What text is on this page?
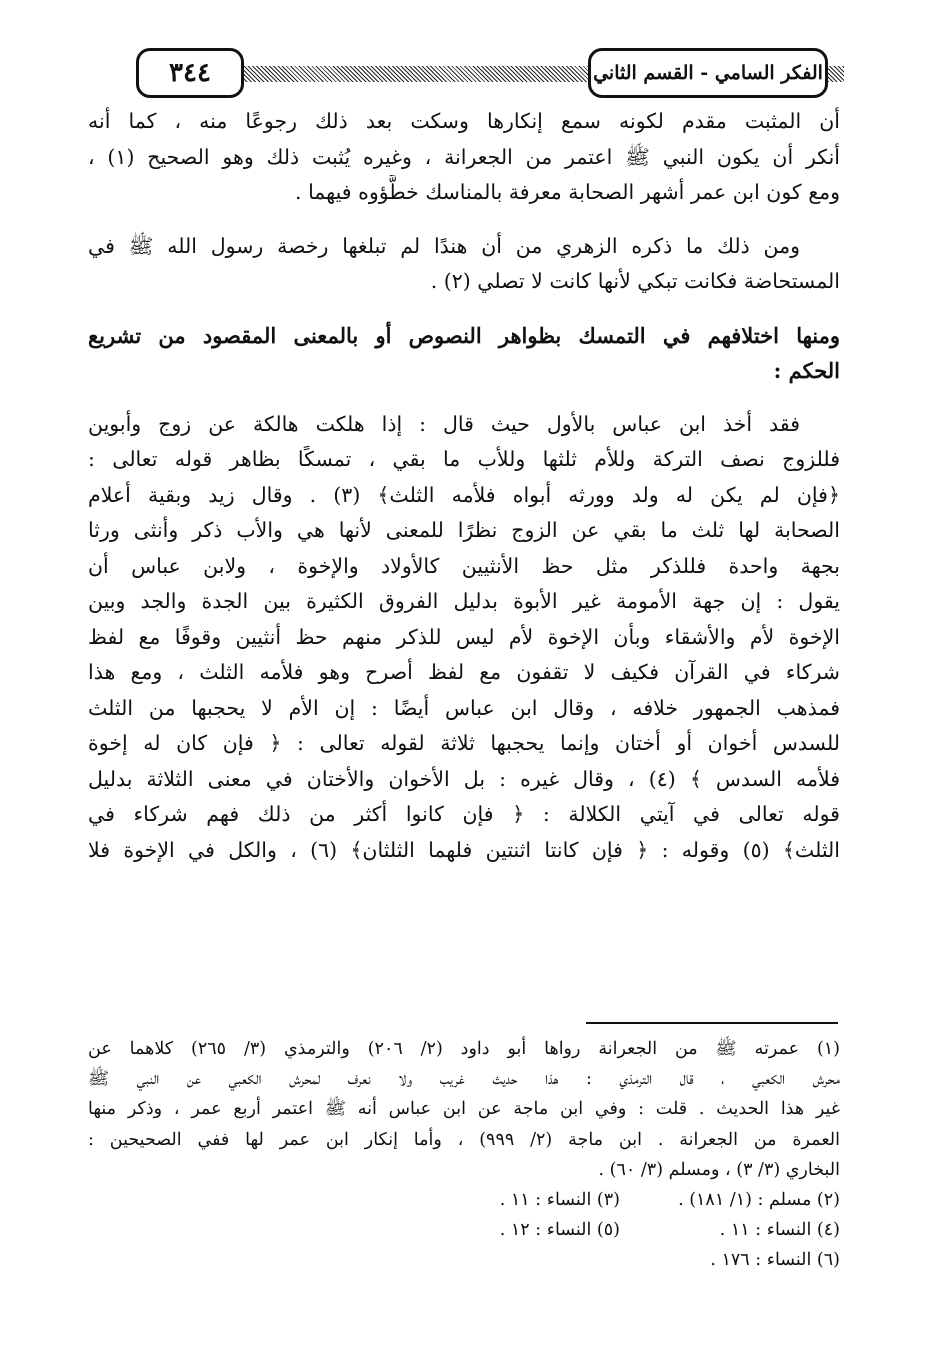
٣٤٤	الفكر السامي - القسم الثاني
أن المثبت مقدم لكونه سمع إنكارها وسكت بعد ذلك رجوعًا منه ، كما أنه
أنكر أن يكون النبي ﷺ اعتمر من الجعرانة ، وغيره يُثبت ذلك وهو الصحيح (١) ،
ومع كون ابن عمر أشهر الصحابة معرفة بالمناسك خطَّؤوه فيهما .
ومن ذلك ما ذكره الزهري من أن هندًا لم تبلغها رخصة رسول الله ﷺ في
المستحاضة فكانت تبكي لأنها كانت لا تصلي (٢) .
ومنها اختلافهم في التمسك بظواهر النصوص أو بالمعنى المقصود من تشريع
الحكم :
فقد أخذ ابن عباس بالأول حيث قال : إذا هلكت هالكة عن زوج وأبوين
فللزوج نصف التركة وللأم ثلثها وللأب ما بقي ، تمسكًا بظاهر قوله تعالى :
﴿فإن لم يكن له ولد وورثه أبواه فلأمه الثلث﴾ (٣) . وقال زيد وبقية أعلام
الصحابة لها ثلث ما بقي عن الزوج نظرًا للمعنى لأنها هي والأب ذكر وأنثى ورثا
بجهة واحدة فللذكر مثل حظ الأنثيين كالأولاد والإخوة ، ولابن عباس أن
يقول : إن جهة الأمومة غير الأبوة بدليل الفروق الكثيرة بين الجدة والجد وبين
الإخوة لأم والأشقاء وبأن الإخوة لأم ليس للذكر منهم حظ أنثيين وقوفًا مع لفظ
شركاء في القرآن فكيف لا تقفون مع لفظ أصرح وهو فلأمه الثلث ، ومع هذا
فمذهب الجمهور خلافه ، وقال ابن عباس أيضًا : إن الأم لا يحجبها من الثلث
للسدس أخوان أو أختان وإنما يحجبها ثلاثة لقوله تعالى : ﴿ فإن كان له إخوة
فلأمه السدس ﴾ (٤) ، وقال غيره : بل الأخوان والأختان في معنى الثلاثة بدليل
قوله تعالى في آيتي الكلالة : ﴿ فإن كانوا أكثر من ذلك فهم شركاء في
الثلث﴾ (٥) وقوله : ﴿ فإن كانتا اثنتين فلهما الثلثان﴾ (٦) ، والكل في الإخوة فلا
(١) عمرته ﷺ من الجعرانة رواها أبو داود (٢/ ٢٠٦) والترمذي (٣/ ٢٦٥) كلاهما عن
محرش الكعبي ، قال الترمذي : هذا حديث غريب ولا نعرف لمحرش الكعبي عن النبي ﷺ
غير هذا الحديث . قلت : وفي ابن ماجة عن ابن عباس أنه ﷺ اعتمر أربع عمر ، وذكر منها
العمرة من الجعرانة . ابن ماجة (٢/ ٩٩٩) ، وأما إنكار ابن عمر لها ففي الصحيحين :
البخاري (٣/ ٣) ، ومسلم (٣/ ٦٠) .
(٢) مسلم : (١/ ١٨١) .
(٣) النساء : ١١ .
(٤) النساء : ١١ .
(٥) النساء : ١٢ .
(٦) النساء : ١٧٦ .
